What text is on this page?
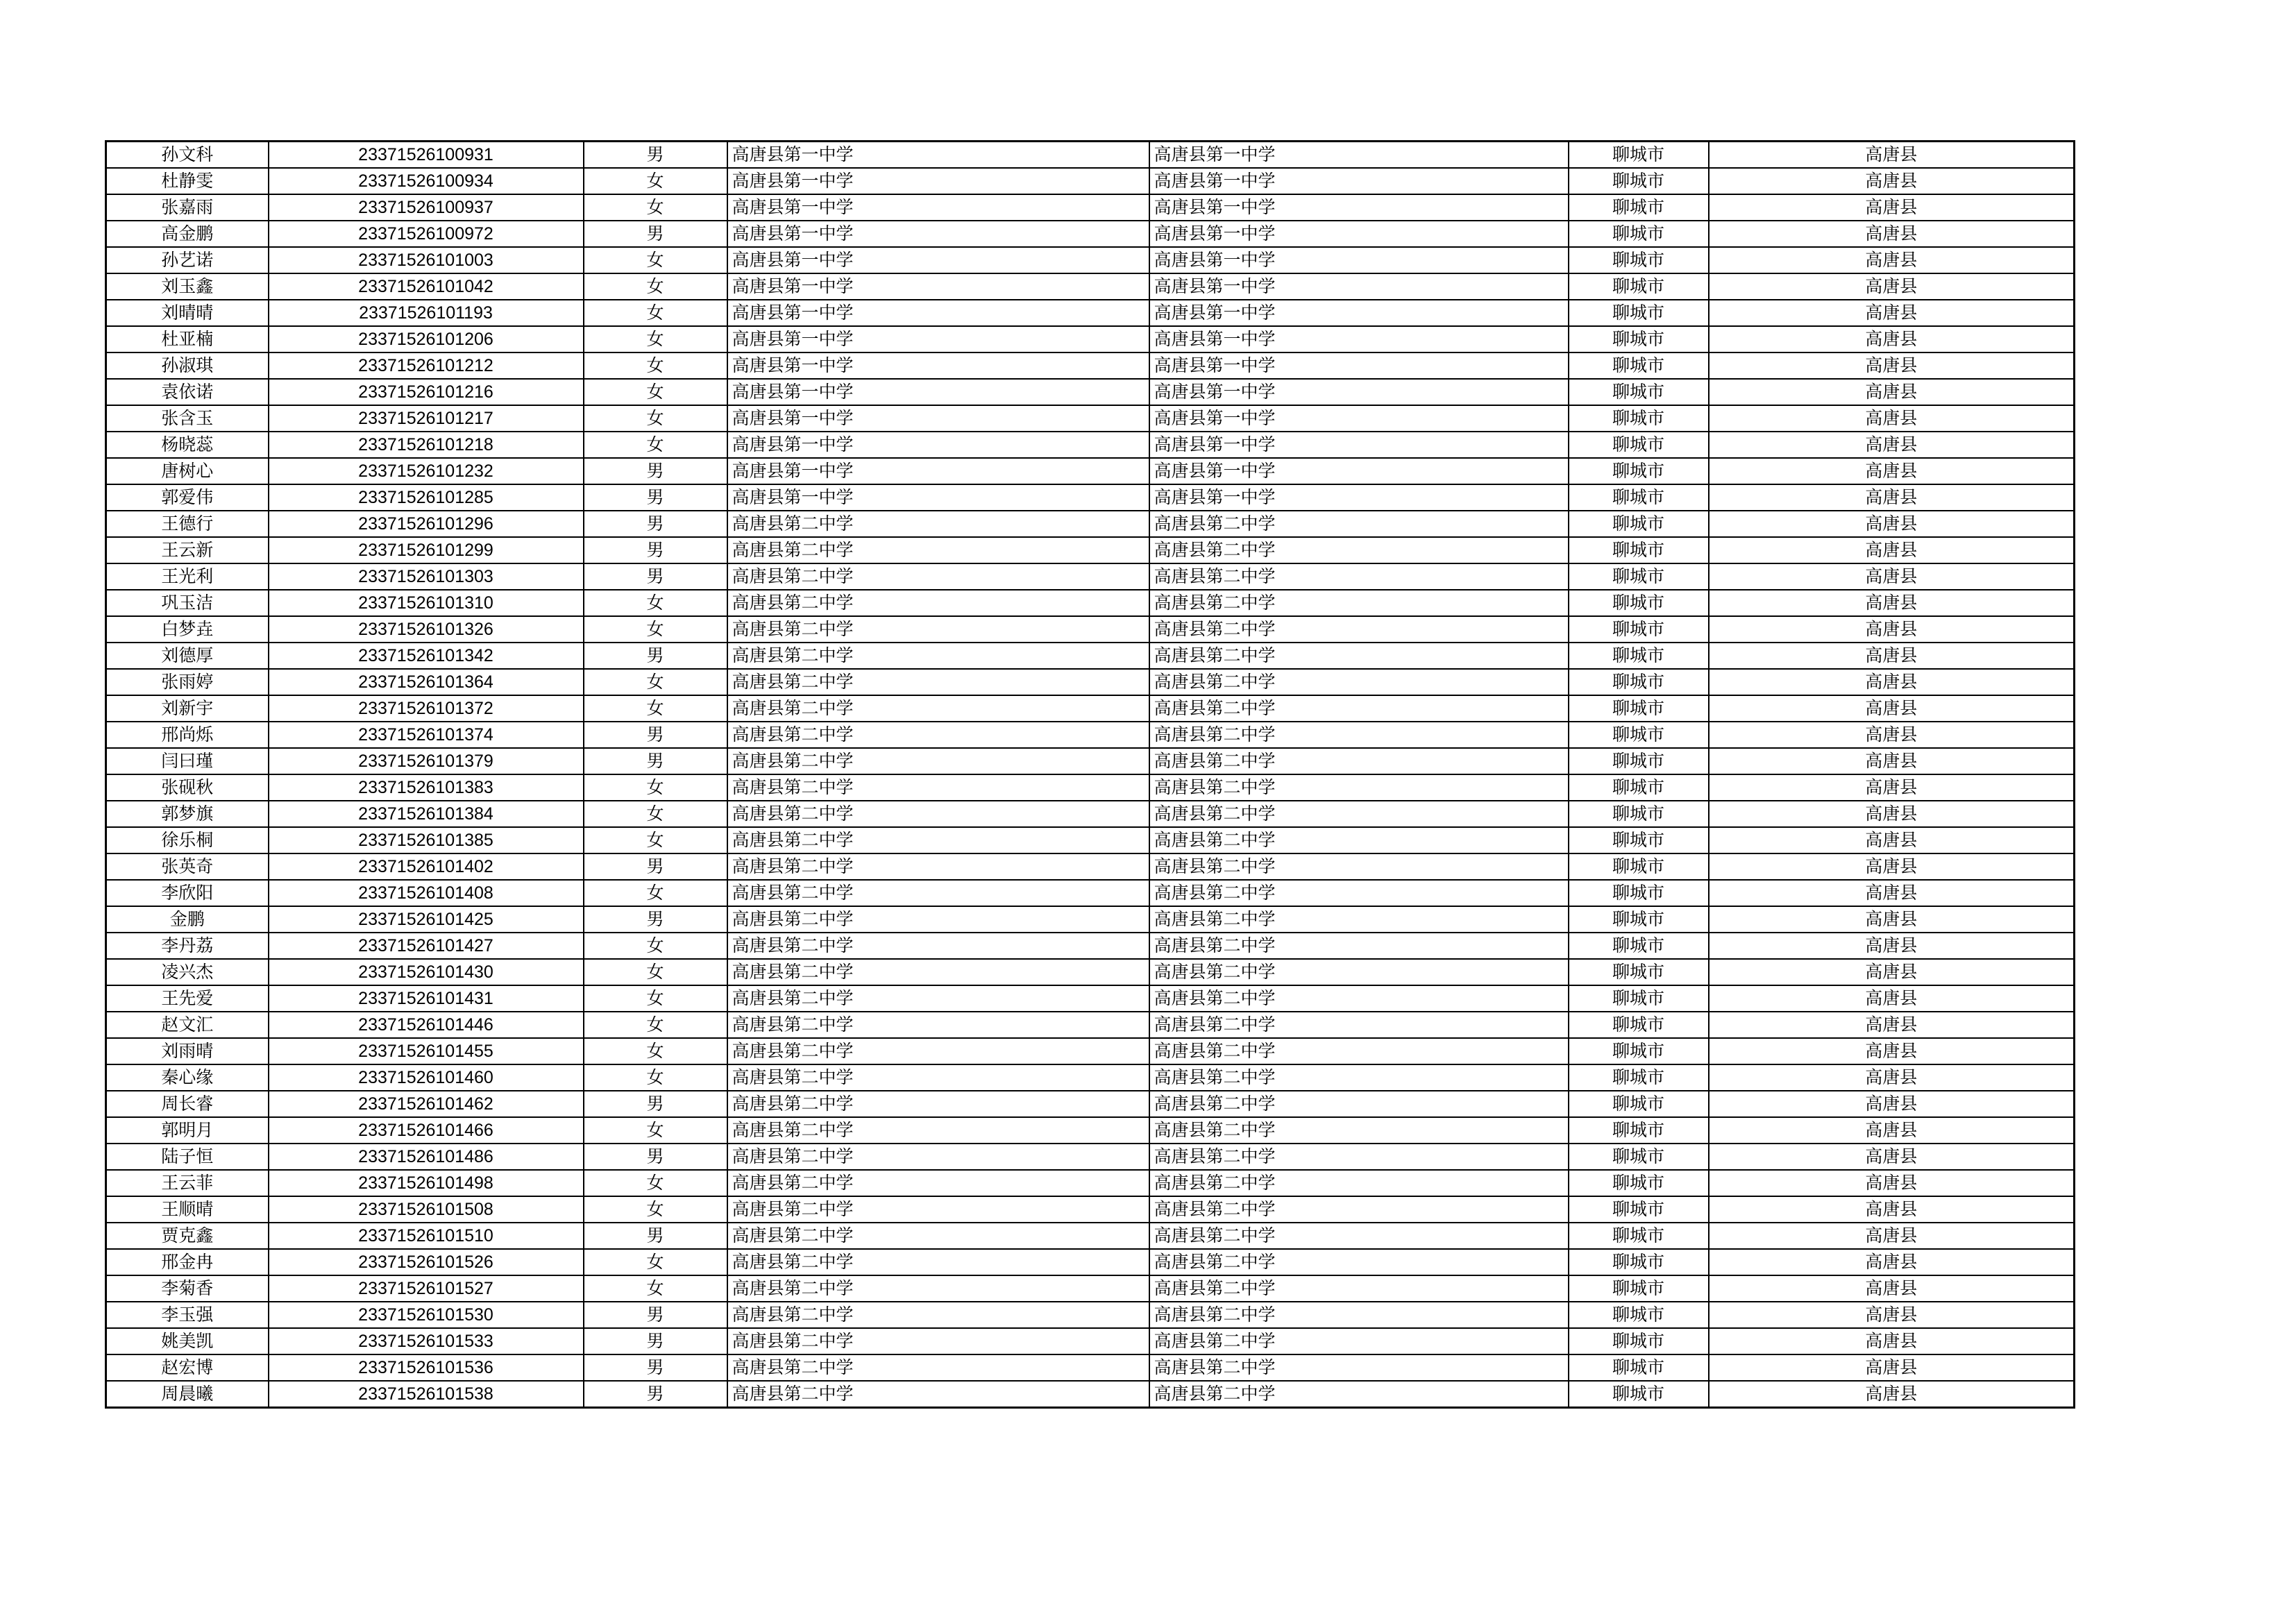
孙文科	23371526100931	男	高唐县第一中学	高唐县第一中学	聊城市	高唐县
杜静雯	23371526100934	女	高唐县第一中学	高唐县第一中学	聊城市	高唐县
张嘉雨	23371526100937	女	高唐县第一中学	高唐县第一中学	聊城市	高唐县
高金鹏	23371526100972	男	高唐县第一中学	高唐县第一中学	聊城市	高唐县
孙艺诺	23371526101003	女	高唐县第一中学	高唐县第一中学	聊城市	高唐县
刘玉鑫	23371526101042	女	高唐县第一中学	高唐县第一中学	聊城市	高唐县
刘晴晴	23371526101193	女	高唐县第一中学	高唐县第一中学	聊城市	高唐县
杜亚楠	23371526101206	女	高唐县第一中学	高唐县第一中学	聊城市	高唐县
孙淑琪	23371526101212	女	高唐县第一中学	高唐县第一中学	聊城市	高唐县
袁依诺	23371526101216	女	高唐县第一中学	高唐县第一中学	聊城市	高唐县
张含玉	23371526101217	女	高唐县第一中学	高唐县第一中学	聊城市	高唐县
杨晓蕊	23371526101218	女	高唐县第一中学	高唐县第一中学	聊城市	高唐县
唐树心	23371526101232	男	高唐县第一中学	高唐县第一中学	聊城市	高唐县
郭爱伟	23371526101285	男	高唐县第一中学	高唐县第一中学	聊城市	高唐县
王德行	23371526101296	男	高唐县第二中学	高唐县第二中学	聊城市	高唐县
王云新	23371526101299	男	高唐县第二中学	高唐县第二中学	聊城市	高唐县
王光利	23371526101303	男	高唐县第二中学	高唐县第二中学	聊城市	高唐县
巩玉洁	23371526101310	女	高唐县第二中学	高唐县第二中学	聊城市	高唐县
白梦垚	23371526101326	女	高唐县第二中学	高唐县第二中学	聊城市	高唐县
刘德厚	23371526101342	男	高唐县第二中学	高唐县第二中学	聊城市	高唐县
张雨婷	23371526101364	女	高唐县第二中学	高唐县第二中学	聊城市	高唐县
刘新宇	23371526101372	女	高唐县第二中学	高唐县第二中学	聊城市	高唐县
邢尚烁	23371526101374	男	高唐县第二中学	高唐县第二中学	聊城市	高唐县
闫曰瑾	23371526101379	男	高唐县第二中学	高唐县第二中学	聊城市	高唐县
张砚秋	23371526101383	女	高唐县第二中学	高唐县第二中学	聊城市	高唐县
郭梦旗	23371526101384	女	高唐县第二中学	高唐县第二中学	聊城市	高唐县
徐乐桐	23371526101385	女	高唐县第二中学	高唐县第二中学	聊城市	高唐县
张英奇	23371526101402	男	高唐县第二中学	高唐县第二中学	聊城市	高唐县
李欣阳	23371526101408	女	高唐县第二中学	高唐县第二中学	聊城市	高唐县
金鹏	23371526101425	男	高唐县第二中学	高唐县第二中学	聊城市	高唐县
李丹荔	23371526101427	女	高唐县第二中学	高唐县第二中学	聊城市	高唐县
凌兴杰	23371526101430	女	高唐县第二中学	高唐县第二中学	聊城市	高唐县
王先爱	23371526101431	女	高唐县第二中学	高唐县第二中学	聊城市	高唐县
赵文汇	23371526101446	女	高唐县第二中学	高唐县第二中学	聊城市	高唐县
刘雨晴	23371526101455	女	高唐县第二中学	高唐县第二中学	聊城市	高唐县
秦心缘	23371526101460	女	高唐县第二中学	高唐县第二中学	聊城市	高唐县
周长睿	23371526101462	男	高唐县第二中学	高唐县第二中学	聊城市	高唐县
郭明月	23371526101466	女	高唐县第二中学	高唐县第二中学	聊城市	高唐县
陆子恒	23371526101486	男	高唐县第二中学	高唐县第二中学	聊城市	高唐县
王云菲	23371526101498	女	高唐县第二中学	高唐县第二中学	聊城市	高唐县
王顺晴	23371526101508	女	高唐县第二中学	高唐县第二中学	聊城市	高唐县
贾克鑫	23371526101510	男	高唐县第二中学	高唐县第二中学	聊城市	高唐县
邢金冉	23371526101526	女	高唐县第二中学	高唐县第二中学	聊城市	高唐县
李菊香	23371526101527	女	高唐县第二中学	高唐县第二中学	聊城市	高唐县
李玉强	23371526101530	男	高唐县第二中学	高唐县第二中学	聊城市	高唐县
姚美凯	23371526101533	男	高唐县第二中学	高唐县第二中学	聊城市	高唐县
赵宏博	23371526101536	男	高唐县第二中学	高唐县第二中学	聊城市	高唐县
周晨曦	23371526101538	男	高唐县第二中学	高唐县第二中学	聊城市	高唐县
